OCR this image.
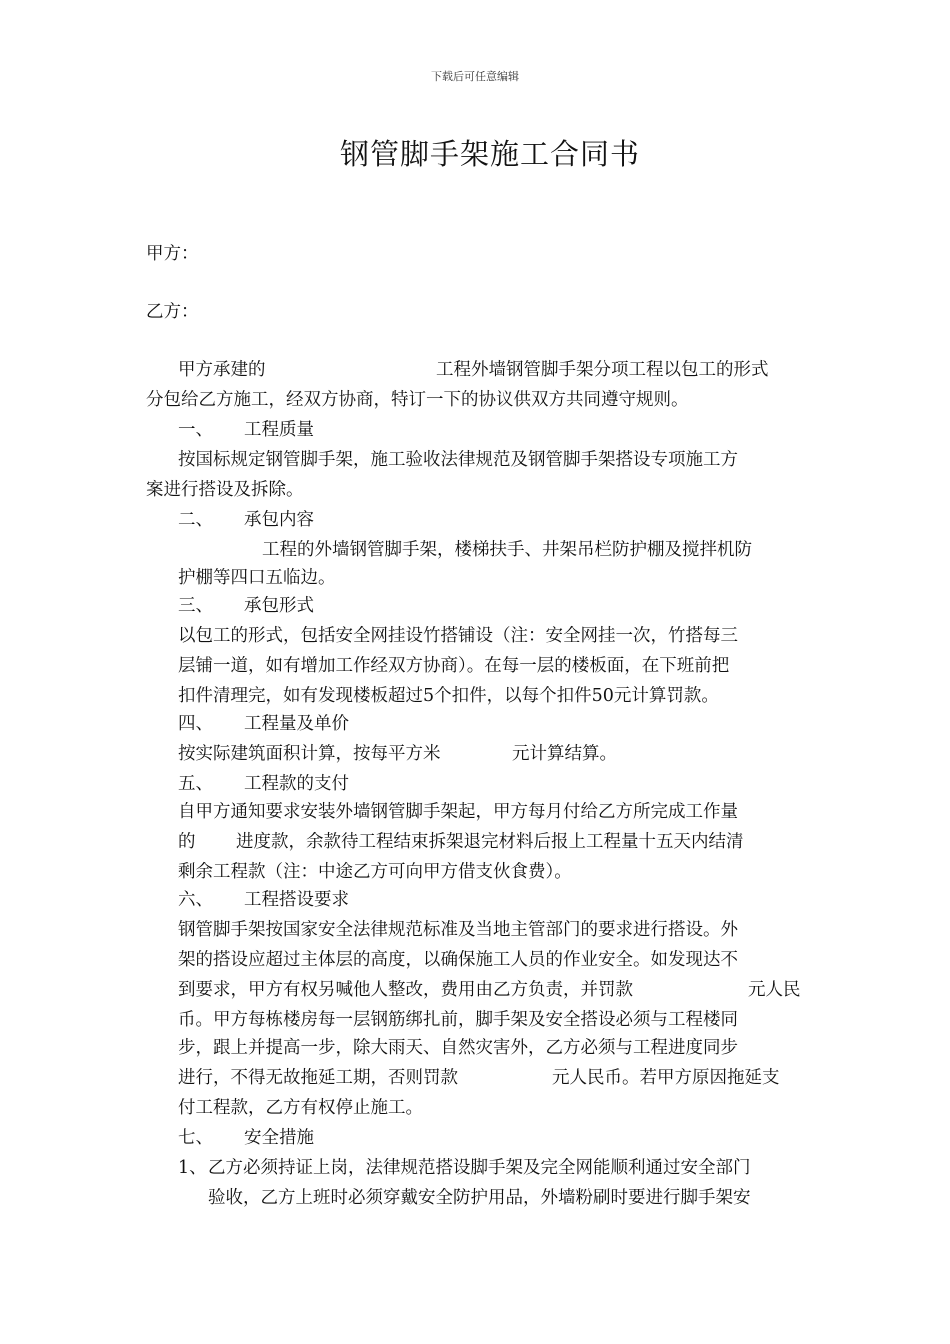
下载后可任意编辑
钢管脚手架施工合同书
甲方：
乙方：
甲方承建的	工程外墙钢管脚手架分项工程以包工的形式
分包给乙方施工，经双方协商，特订一下的协议供双方共同遵守规则。
一、 工程质量
按国标规定钢管脚手架，施工验收法律规范及钢管脚手架搭设专项施工方
案进行搭设及拆除。
二、 承包内容
工程的外墙钢管脚手架，楼梯扶手、井架吊栏防护棚及搅拌机防
护棚等四口五临边。
三、 承包形式
以包工的形式，包括安全网挂设竹搭铺设（注：安全网挂一次，竹搭每三
层铺一道，如有增加工作经双方协商）。在每一层的楼板面，在下班前把
扣件清理完，如有发现楼板超过5个扣件，以每个扣件50元计算罚款。
四、 工程量及单价
按实际建筑面积计算，按每平方米	元计算结算。
五、 工程款的支付
自甲方通知要求安装外墙钢管脚手架起，甲方每月付给乙方所完成工作量
的 进度款，余款待工程结束拆架退完材料后报上工程量十五天内结清
剩余工程款（注：中途乙方可向甲方借支伙食费）。
六、 工程搭设要求
钢管脚手架按国家安全法律规范标准及当地主管部门的要求进行搭设。外
架的搭设应超过主体层的高度，以确保施工人员的作业安全。如发现达不
到要求，甲方有权另喊他人整改，费用由乙方负责，并罚款	元人民
币。甲方每栋楼房每一层钢筋绑扎前，脚手架及安全搭设必须与工程楼同
步，跟上并提高一步，除大雨天、自然灾害外，乙方必须与工程进度同步
进行，不得无故拖延工期，否则罚款	元人民币。若甲方原因拖延支
付工程款，乙方有权停止施工。
七、 安全措施
1、乙方必须持证上岗，法律规范搭设脚手架及完全网能顺利通过安全部门
验收，乙方上班时必须穿戴安全防护用品，外墙粉刷时要进行脚手架安
